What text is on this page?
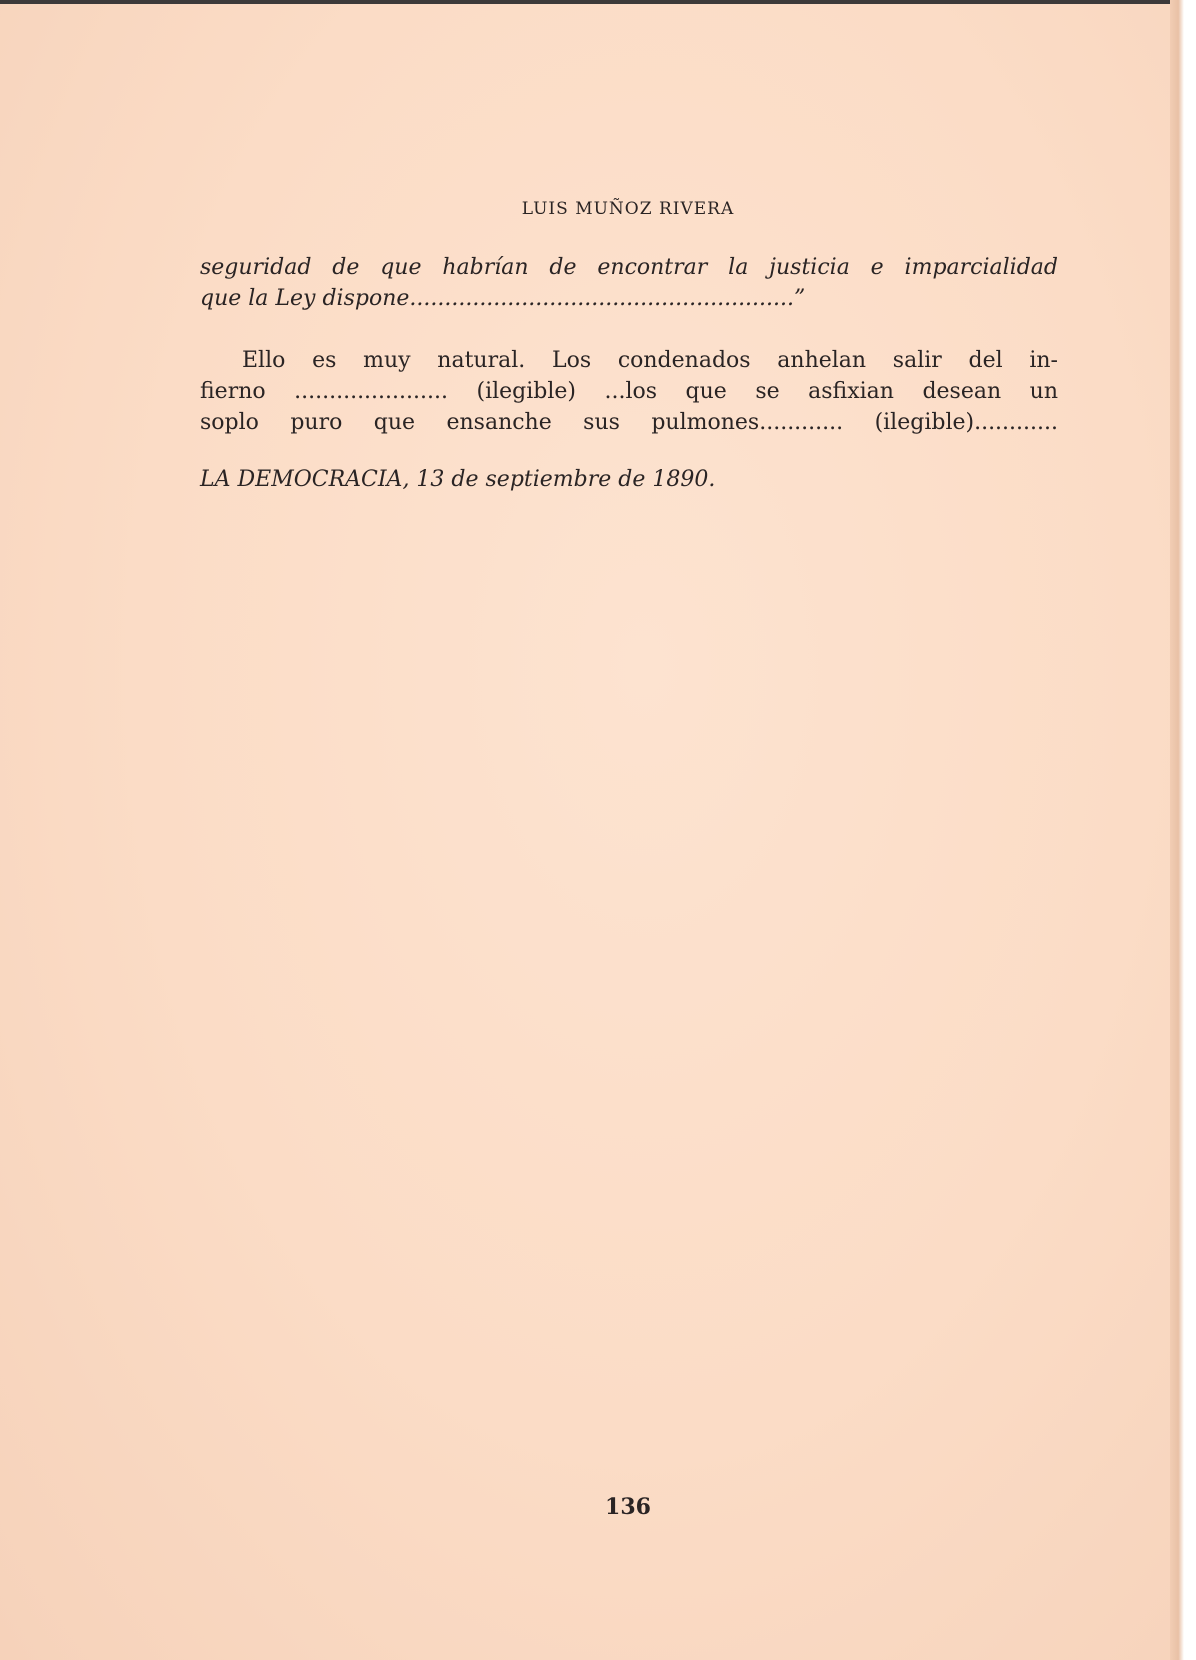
LUIS MUÑOZ RIVERA
seguridad de que habrían de encontrar la justicia e imparcialidad
que la Ley dispone.......................................................”
Ello es muy natural. Los condenados anhelan salir del in-
fierno ...................... (ilegible) ...los que se asfixian desean un
soplo puro que ensanche sus pulmones............ (ilegible)............
LA DEMOCRACIA, 13 de septiembre de 1890.
136
